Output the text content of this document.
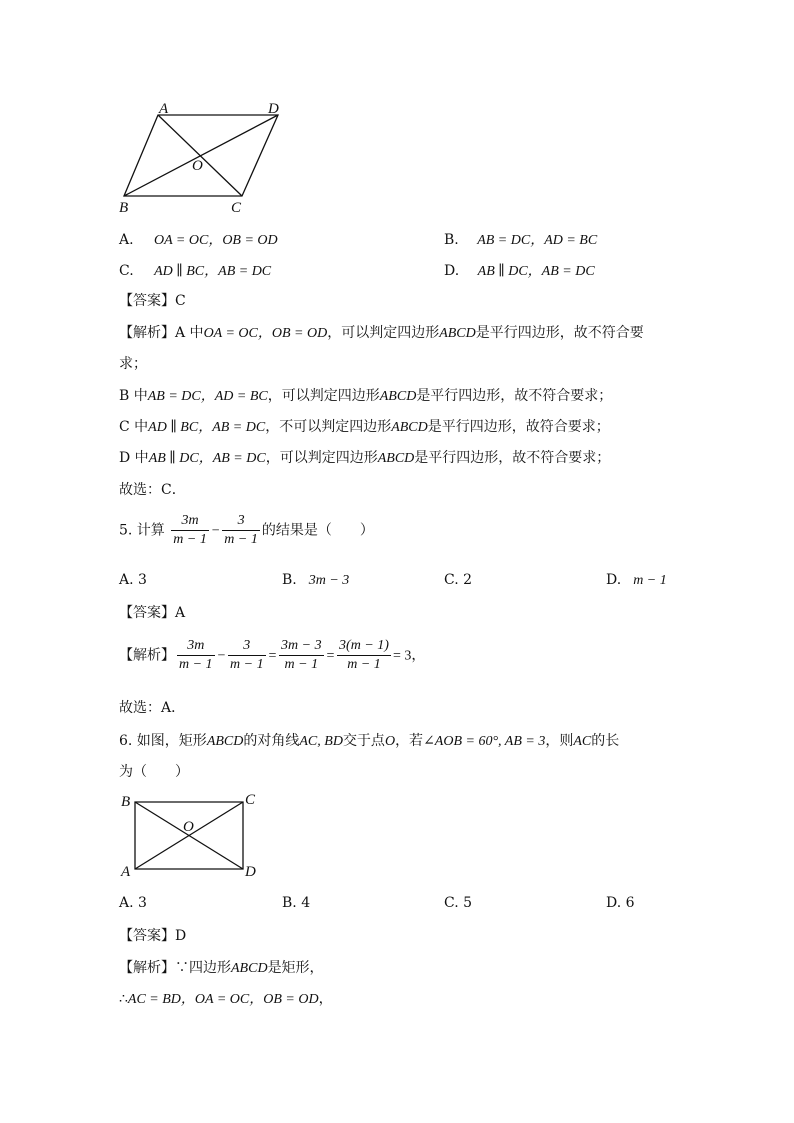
A	D
B	C
O
A. OA = OC，OB = OD	B. AB = DC，AD = BC
C. AD ∥ BC，AB = DC	D. AB ∥ DC，AB = DC
【答案】C
【解析】A 中OA = OC，OB = OD，可以判定四边形ABCD是平行四边形，故不符合要
求；
B 中AB = DC，AD = BC，可以判定四边形ABCD是平行四边形，故不符合要求；
C 中AD ∥ BC，AB = DC，不可以判定四边形ABCD是平行四边形，故符合要求；
D 中AB ∥ DC，AB = DC，可以判定四边形ABCD是平行四边形，故不符合要求；
故选：C．
5. 计算 $\frac{3m}{m - 1} - \frac{3}{m - 1}$ 的结果是（　　）
A. 3	B. 3m − 3	C. 2	D. m − 1
【答案】A
【解析】 $\frac{3m}{m - 1} - \frac{3}{m - 1} = \frac{3m - 3}{m - 1} = \frac{3(m - 1)}{m - 1} = 3$，
故选：A．
6. 如图，矩形ABCD的对角线AC, BD交于点O，若∠AOB = 60°, AB = 3，则AC的长
为（　　）
B	C
A	D
O
A. 3	B. 4	C. 5	D. 6
【答案】D
【解析】∵四边形ABCD是矩形，
∴AC = BD，OA = OC，OB = OD，
